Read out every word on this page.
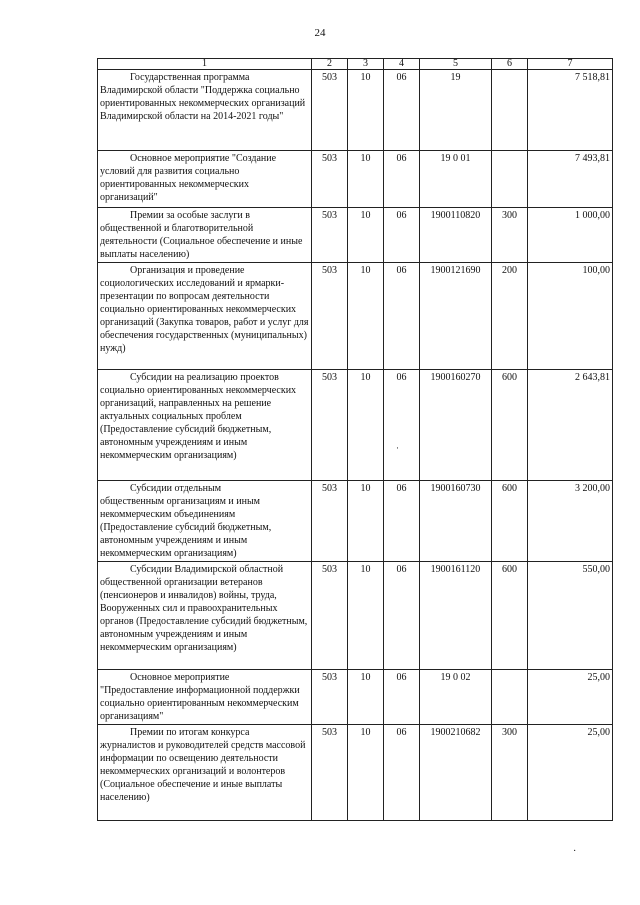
24
1	2	3	4	5	6	7

Государственная программа
Владимирской области "Поддержка социально ориентированных некоммерческих организаций Владимирской области на 2014-2021 годы"	503	10	06	19		7 518,81

Основное мероприятие "Создание
условий для развития социально ориентированных некоммерческих организаций"	503	10	06	19 0 01		7 493,81

Премии за особые заслуги в
общественной и благотворительной деятельности (Социальное обеспечение и иные выплаты населению)	503	10	06	1900110820	300	1 000,00

Организация и проведение
социологических исследований и ярмарки-презентации по вопросам деятельности социально ориентированных некоммерческих организаций (Закупка товаров, работ и услуг для обеспечения государственных (муниципальных) нужд)	503	10	06	1900121690	200	100,00

Субсидии на реализацию проектов
социально ориентированных некоммерческих организаций, направленных на решение актуальных социальных проблем (Предоставление субсидий бюджетным, автономным учреждениям и иным некоммерческим организациям)	503	10	06	1900160270	600	2 643,81

Субсидии отдельным
общественным организациям и иным некоммерческим объединениям (Предоставление субсидий бюджетным, автономным учреждениям и иным некоммерческим организациям)	503	10	06	1900160730	600	3 200,00

Субсидии Владимирской областной
общественной организации ветеранов (пенсионеров и инвалидов) войны, труда, Вооруженных сил и правоохранительных органов (Предоставление субсидий бюджетным, автономным учреждениям и иным некоммерческим организациям)	503	10	06	1900161120	600	550,00

Основное мероприятие
"Предоставление информационной поддержки социально ориентированным некоммерческим организациям"	503	10	06	19 0 02		25,00

Премии по итогам конкурса
журналистов и руководителей средств массовой информации по освещению деятельности некоммерческих организаций и волонтеров (Социальное обеспечение и иные выплаты населению)	503	10	06	1900210682	300	25,00
·
·
